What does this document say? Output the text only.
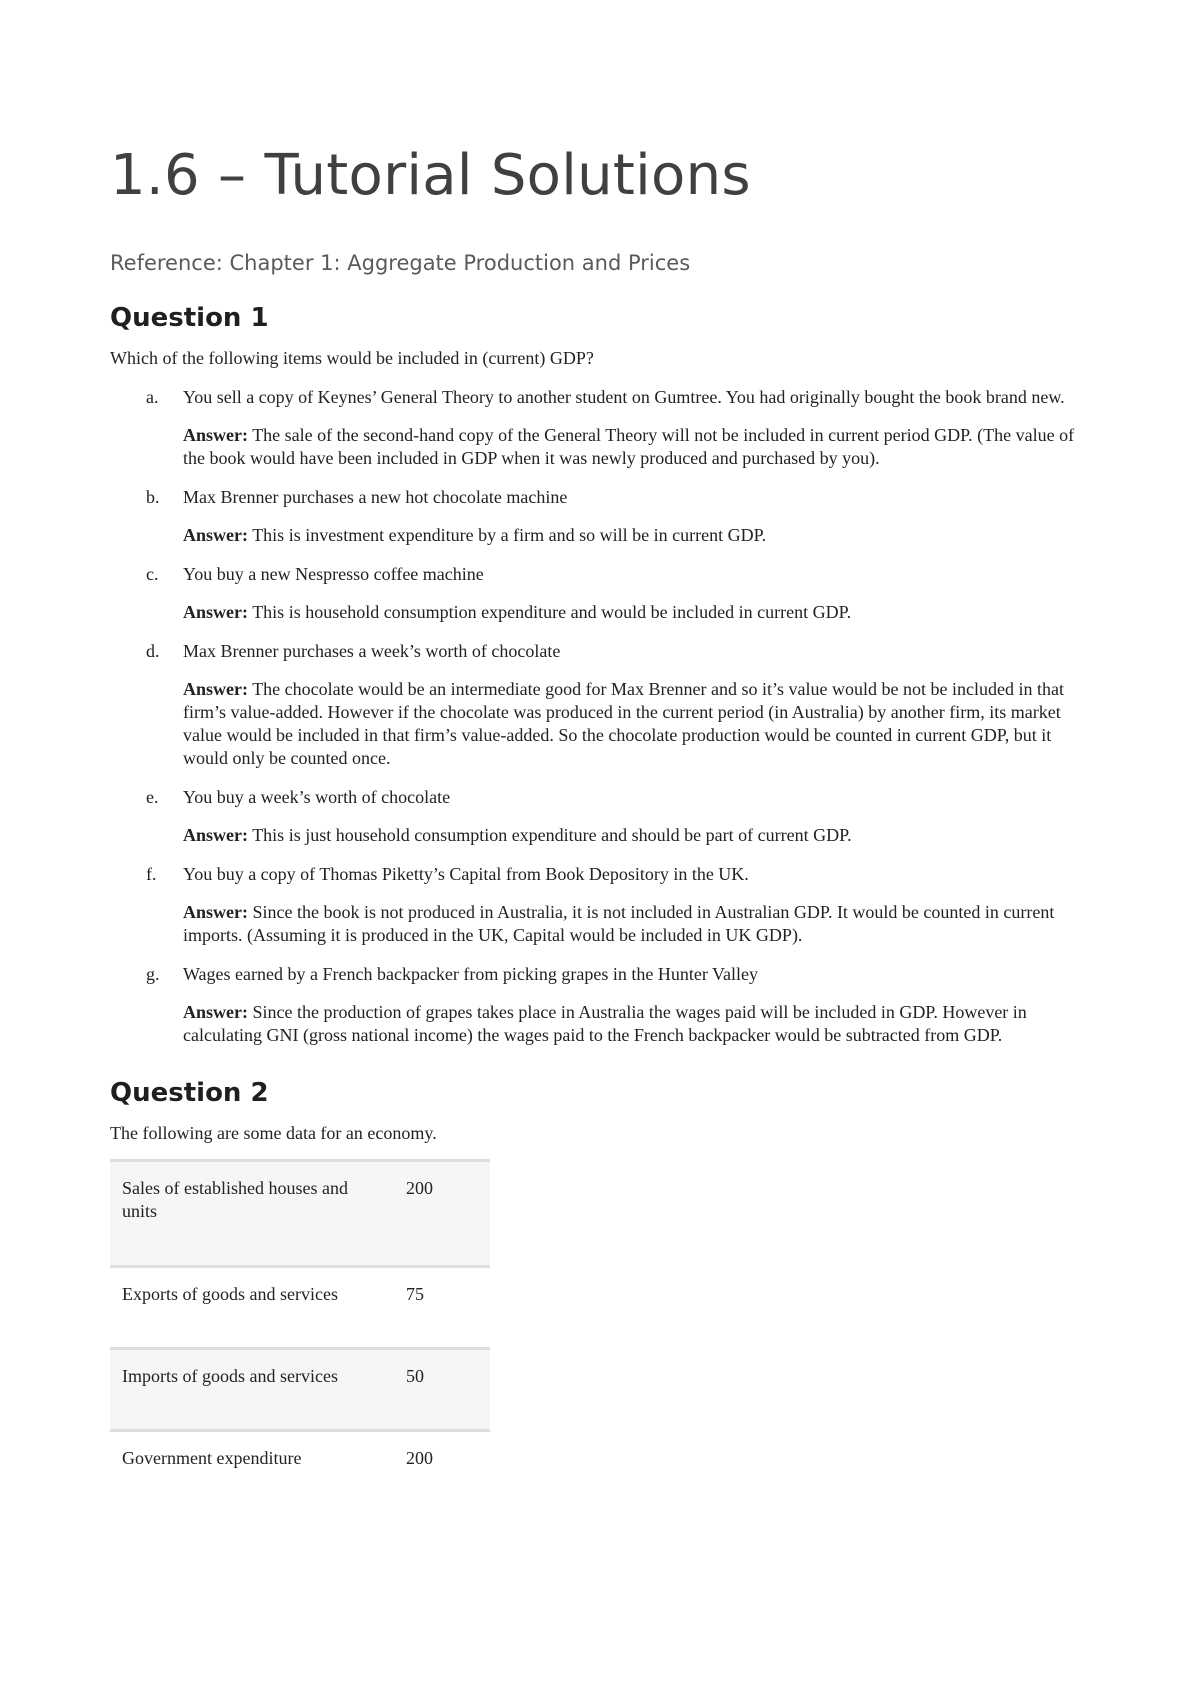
1.6 – Tutorial Solutions
Reference: Chapter 1: Aggregate Production and Prices
Question 1

Which of the following items would be included in (current) GDP?

a. You sell a copy of Keynes’ General Theory to another student on Gumtree. You had originally bought the book brand new.
Answer: The sale of the second-hand copy of the General Theory will not be included in current period GDP. (The value of the book would have been included in GDP when it was newly produced and purchased by you).
b. Max Brenner purchases a new hot chocolate machine
Answer: This is investment expenditure by a firm and so will be in current GDP.
c. You buy a new Nespresso coffee machine
Answer: This is household consumption expenditure and would be included in current GDP.
d. Max Brenner purchases a week’s worth of chocolate
Answer: The chocolate would be an intermediate good for Max Brenner and so it’s value would be not be included in that firm’s value-added. However if the chocolate was produced in the current period (in Australia) by another firm, its market value would be included in that firm’s value-added. So the chocolate production would be counted in current GDP, but it would only be counted once.
e. You buy a week’s worth of chocolate
Answer: This is just household consumption expenditure and should be part of current GDP.
f. You buy a copy of Thomas Piketty’s Capital from Book Depository in the UK.
Answer: Since the book is not produced in Australia, it is not included in Australian GDP. It would be counted in current imports. (Assuming it is produced in the UK, Capital would be included in UK GDP).
g. Wages earned by a French backpacker from picking grapes in the Hunter Valley
Answer: Since the production of grapes takes place in Australia the wages paid will be included in GDP. However in calculating GNI (gross national income) the wages paid to the French backpacker would be subtracted from GDP.
Question 2

The following are some data for an economy.

Sales of established houses and units	200
Exports of goods and services	75
Imports of goods and services	50
Government expenditure	200
